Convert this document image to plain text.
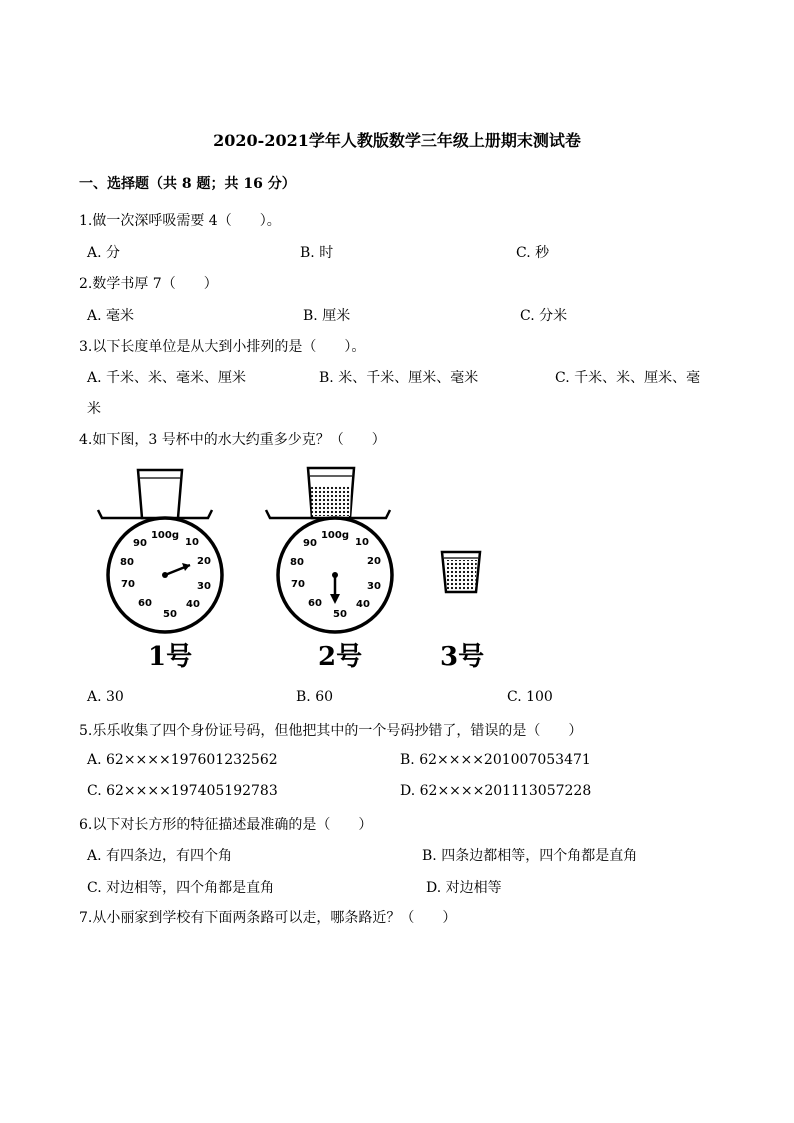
2020-2021学年人教版数学三年级上册期末测试卷
一、选择题（共 8 题；共 16 分）
1.做一次深呼吸需要 4（　　）。
A. 分	B. 时	C. 秒
2.数学书厚 7（　　）
A. 毫米	B. 厘米	C. 分米
3.以下长度单位是从大到小排列的是（　　）。
A. 千米、米、毫米、厘米	B. 米、千米、厘米、毫米	C. 千米、米、厘米、毫
米
4.如下图，3 号杯中的水大约重多少克？（　　）
100g
10
20
30
40
50
60
70
80
90
100g
10
20
30
40
50
60
70
80
90
1号	2号	3号
A. 30	B. 60	C. 100
5.乐乐收集了四个身份证号码，但他把其中的一个号码抄错了，错误的是（　　）
A. 62××××197601232562	B. 62××××201007053471
C. 62××××197405192783	D. 62××××201113057228
6.以下对长方形的特征描述最准确的是（　　）
A. 有四条边，有四个角	B. 四条边都相等，四个角都是直角
C. 对边相等，四个角都是直角	D. 对边相等
7.从小丽家到学校有下面两条路可以走，哪条路近？（　　）
